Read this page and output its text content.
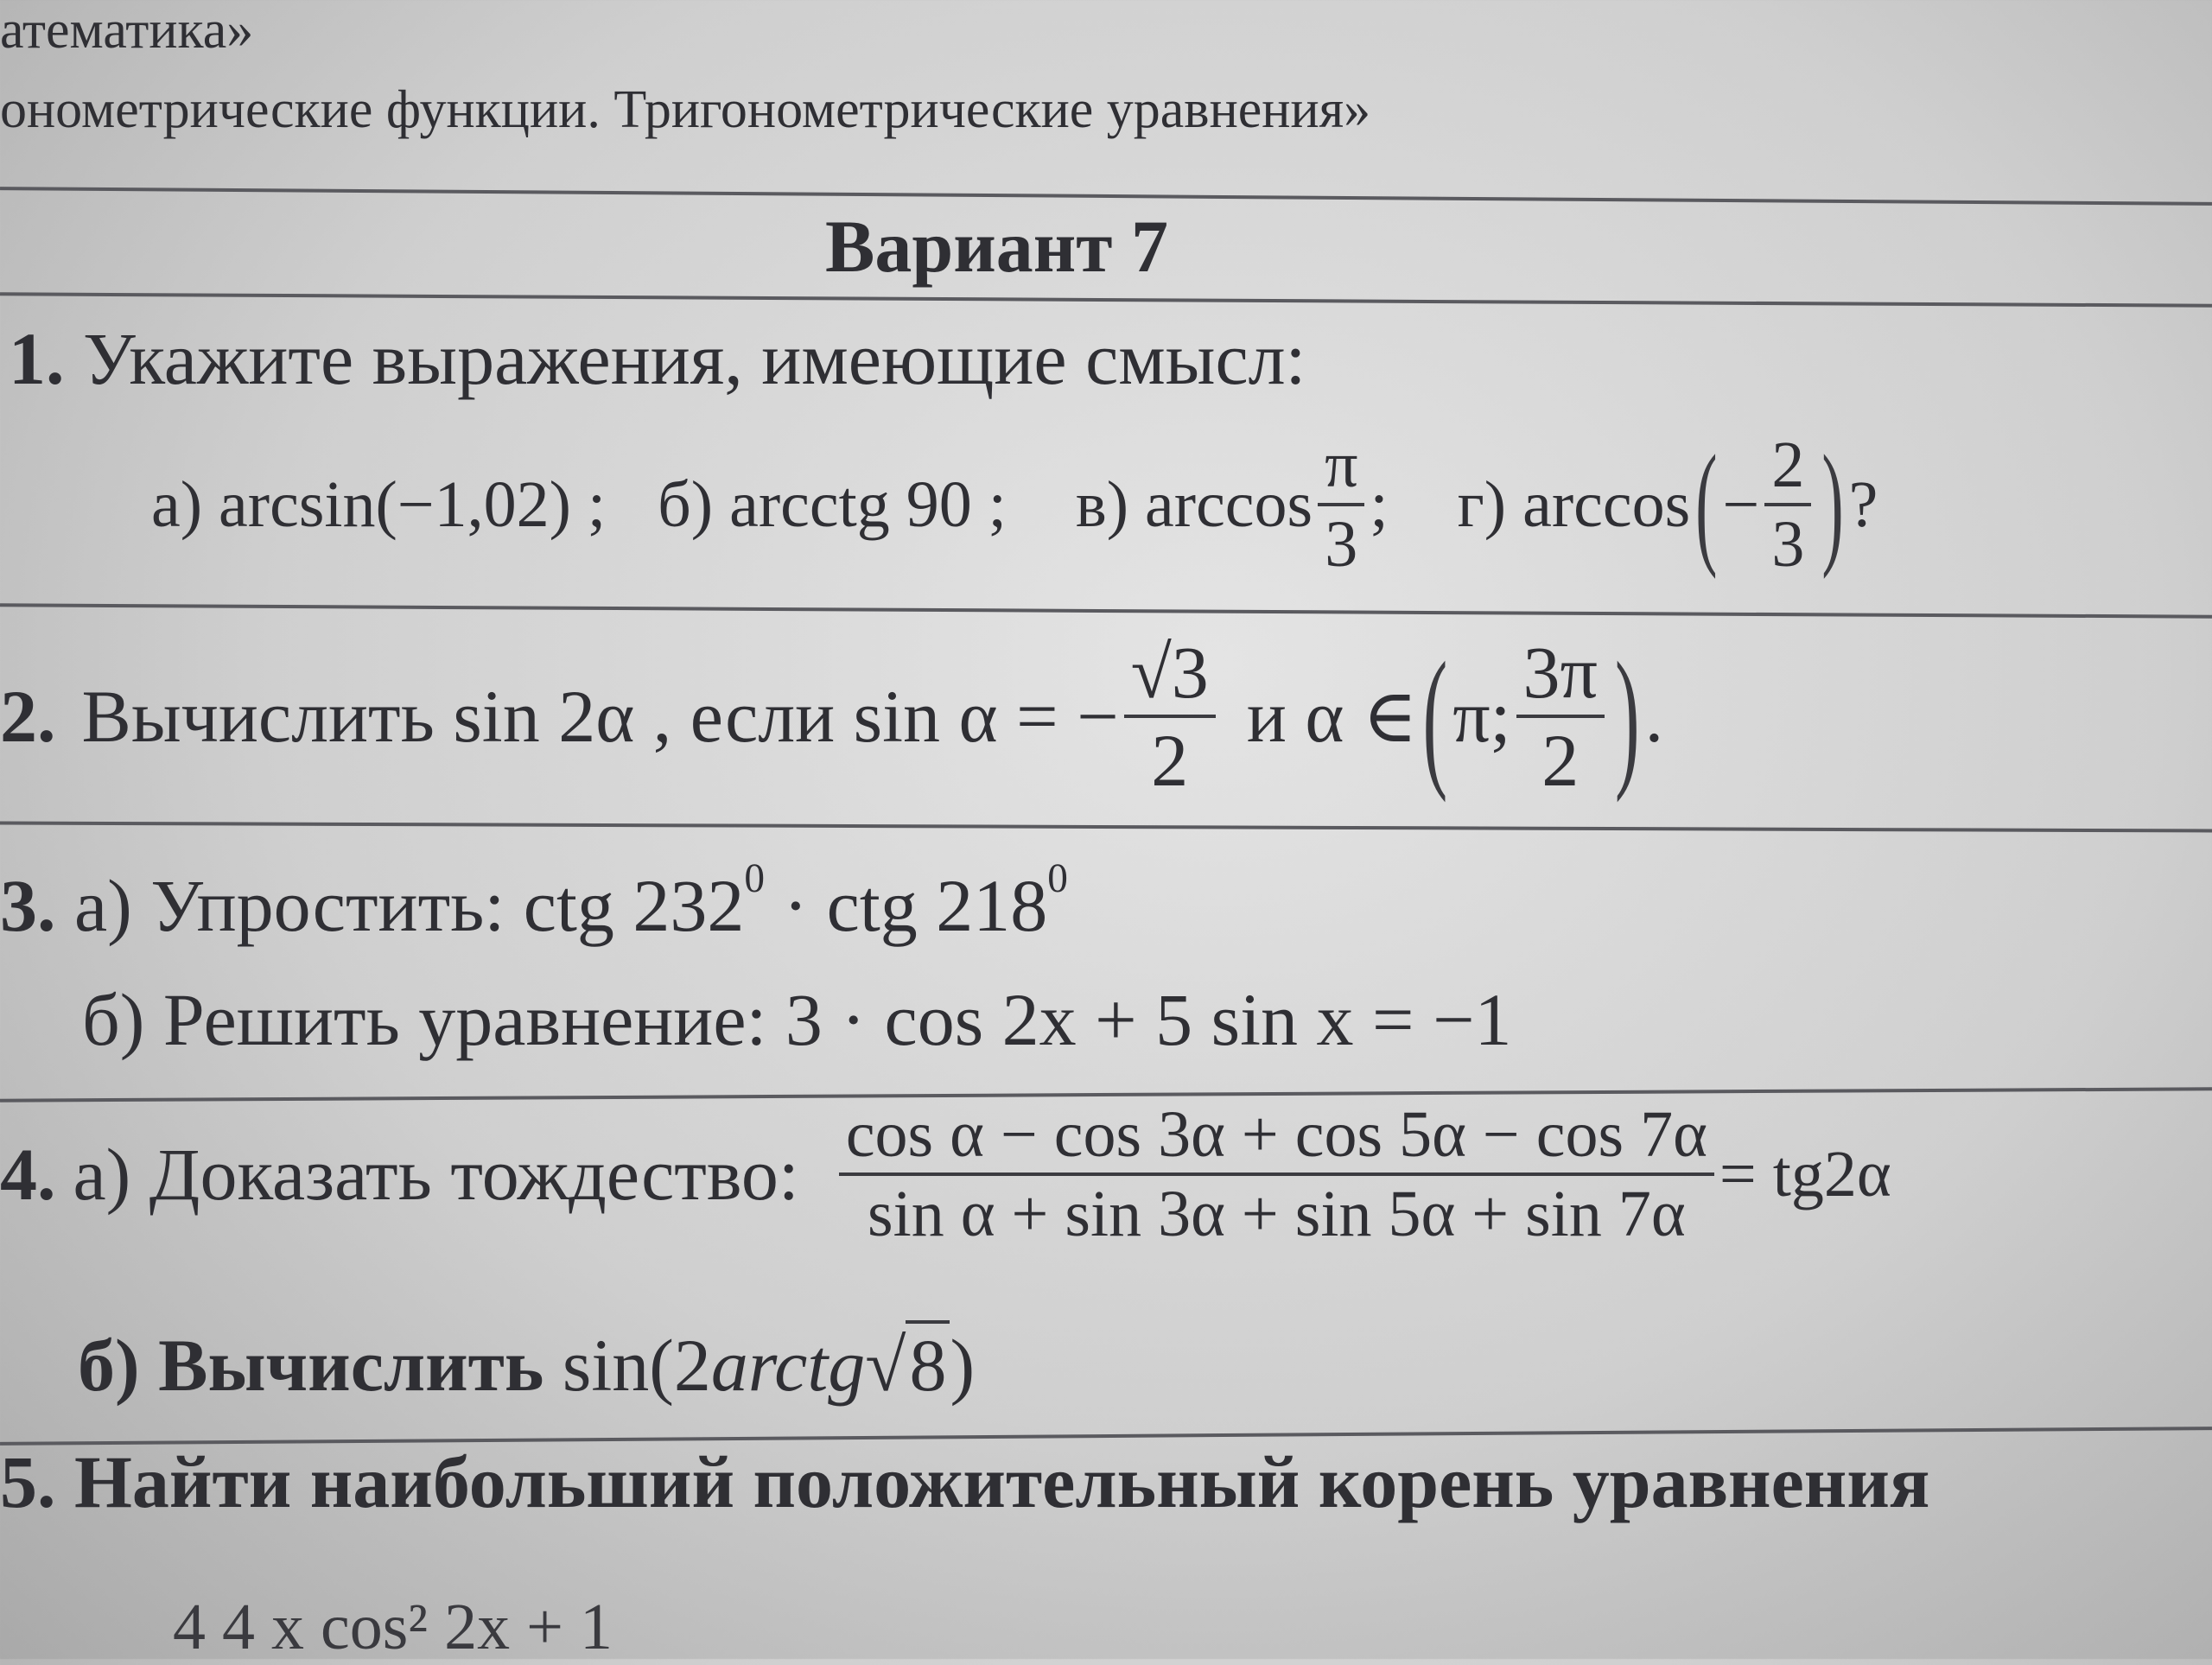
атематика»
онометрические функции. Тригонометрические уравнения»
Вариант 7
1. Укажите выражения, имеющие смысл:
а) arcsin(−1,02) ; б) arcctg 90 ; в) $\arccos \frac{\pi}{3}$ ; г) arccos ( − $\frac{2}{3}$ ) ?
2. Вычислить sin 2α , если sin α = − $\frac{√3}{2}$ и α ∈ ( π; $\frac{3\pi}{2}$ ) .
3. а) Упростить: ctg $232^0$ · ctg $218^0$
б) Решить уравнение: 3 · cos 2x + 5 sin x = −1
4. а) Доказать тождество: $\frac{\text{cos α − cos 3α + cos 5α − cos 7α}}{\text{sin α + sin 3α + sin 5α + sin 7α}} = tg2\alpha$
б) Вычислить sin(2arctg√8)
5. Найти наибольший положительный корень уравнения
4 4 x cos² 2x + 1
